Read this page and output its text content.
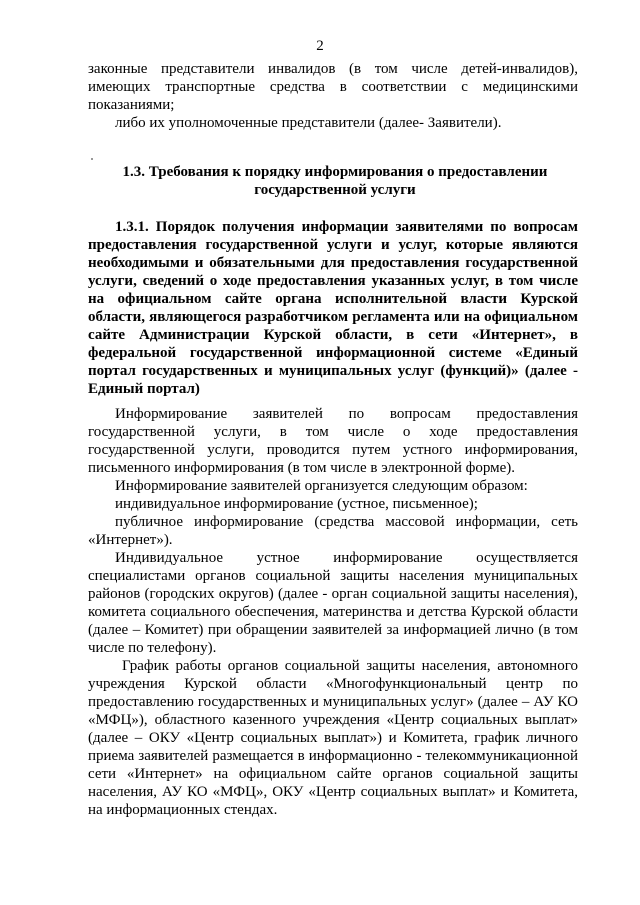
2

законные представители инвалидов (в том числе детей-инвалидов), имеющих транспортные средства в соответствии с медицинскими показаниями;

либо их уполномоченные представители (далее- Заявители).

1.3. Требования к порядку информирования о предоставлении государственной услуги
1.3.1. Порядок получения информации заявителями по вопросам предоставления государственной услуги и услуг, которые являются необходимыми и обязательными для предоставления государственной услуги, сведений о ходе предоставления указанных услуг, в том числе на официальном сайте органа исполнительной власти Курской области, являющегося разработчиком регламента или на официальном сайте Администрации Курской области, в сети «Интернет», в федеральной государственной информационной системе «Единый портал государственных и муниципальных услуг (функций)» (далее - Единый портал)

Информирование заявителей по вопросам предоставления государственной услуги, в том числе о ходе предоставления государственной услуги, проводится путем устного информирования, письменного информирования (в том числе в электронной форме).

Информирование заявителей организуется следующим образом:

индивидуальное информирование (устное, письменное);

публичное информирование (средства массовой информации, сеть «Интернет»).

Индивидуальное устное информирование осуществляется специалистами органов социальной защиты населения муниципальных районов (городских округов) (далее - орган социальной защиты населения), комитета социального обеспечения, материнства и детства Курской области (далее – Комитет) при обращении заявителей за информацией лично (в том числе по телефону).

График работы органов социальной защиты населения, автономного учреждения Курской области «Многофункциональный центр по предоставлению государственных и муниципальных услуг» (далее – АУ КО «МФЦ»), областного казенного учреждения «Центр социальных выплат» (далее – ОКУ «Центр социальных выплат») и Комитета, график личного приема заявителей размещается в информационно - телекоммуникационной сети «Интернет» на официальном сайте органов социальной защиты населения, АУ КО «МФЦ», ОКУ «Центр социальных выплат» и Комитета, на информационных стендах.
